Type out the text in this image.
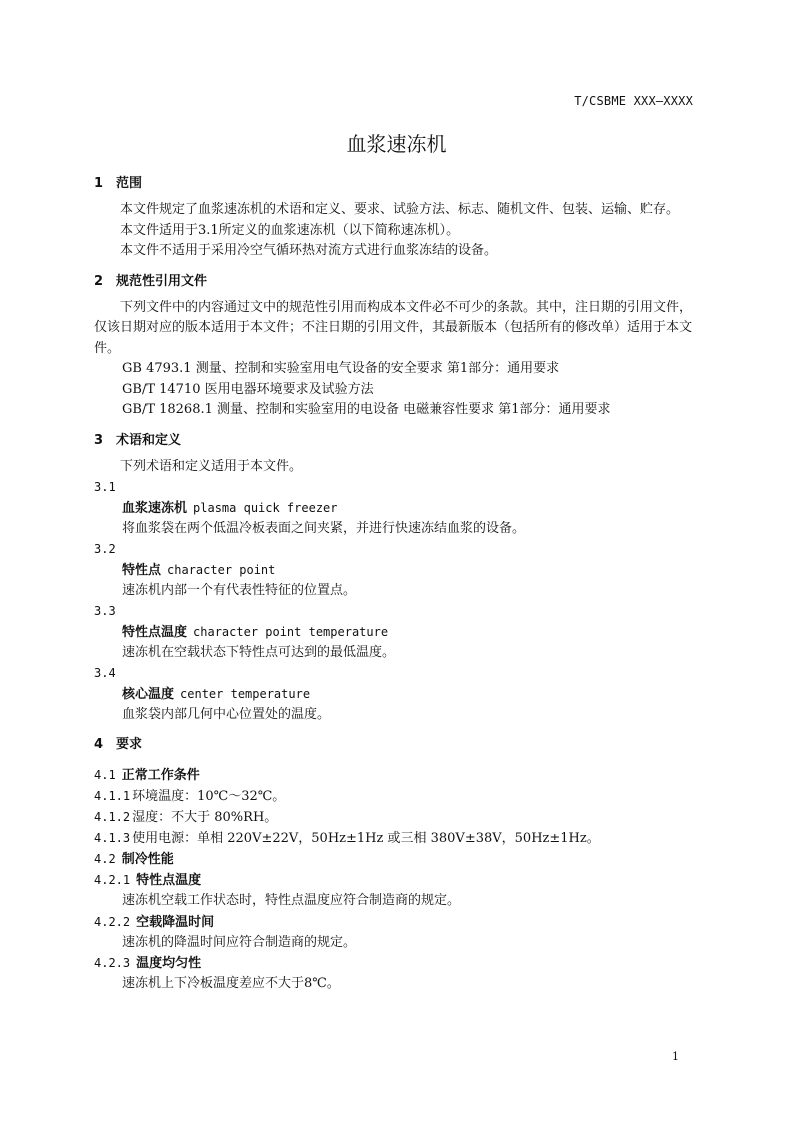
T/CSBME XXX—XXXX
血浆速冻机
1 范围

本文件规定了血浆速冻机的术语和定义、要求、试验方法、标志、随机文件、包装、运输、贮存。

本文件适用于3.1所定义的血浆速冻机（以下简称速冻机）。

本文件不适用于采用冷空气循环热对流方式进行血浆冻结的设备。

2 规范性引用文件

下列文件中的内容通过文中的规范性引用而构成本文件必不可少的条款。其中，注日期的引用文件，仅该日期对应的版本适用于本文件；不注日期的引用文件，其最新版本（包括所有的修改单）适用于本文件。

GB 4793.1 测量、控制和实验室用电气设备的安全要求 第1部分：通用要求

GB/T 14710 医用电器环境要求及试验方法

GB/T 18268.1 测量、控制和实验室用的电设备 电磁兼容性要求 第1部分：通用要求

3 术语和定义

下列术语和定义适用于本文件。

3.1

血浆速冻机 plasma quick freezer

将血浆袋在两个低温冷板表面之间夹紧，并进行快速冻结血浆的设备。

3.2

特性点 character point

速冻机内部一个有代表性特征的位置点。

3.3

特性点温度 character point temperature

速冻机在空载状态下特性点可达到的最低温度。

3.4

核心温度 center temperature

血浆袋内部几何中心位置处的温度。

4 要求

4.1 正常工作条件

4.1.1 环境温度：10℃～32℃。

4.1.2 湿度：不大于 80%RH。

4.1.3 使用电源：单相 220V±22V，50Hz±1Hz 或三相 380V±38V，50Hz±1Hz。

4.2 制冷性能

4.2.1 特性点温度

速冻机空载工作状态时，特性点温度应符合制造商的规定。

4.2.2 空载降温时间

速冻机的降温时间应符合制造商的规定。

4.2.3 温度均匀性

速冻机上下冷板温度差应不大于8℃。

1
